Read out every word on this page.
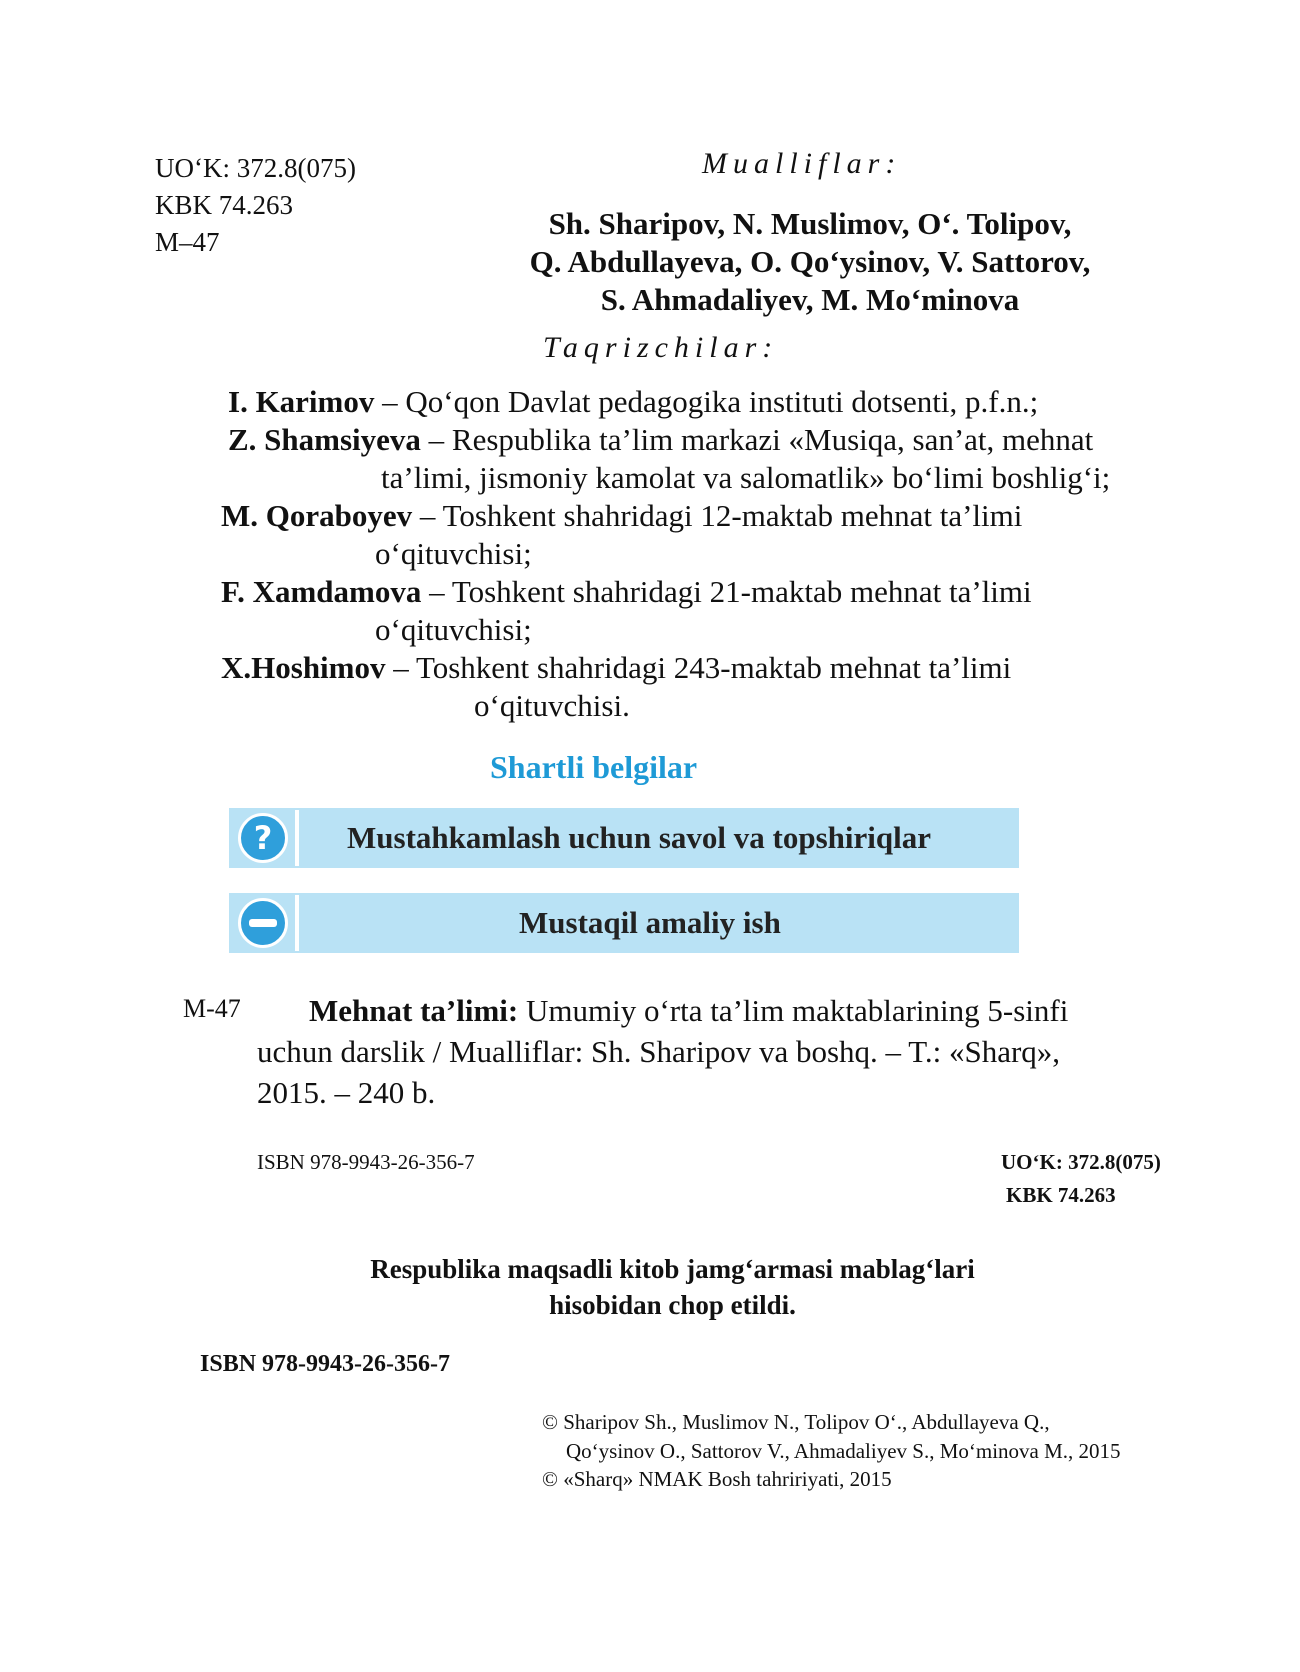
UO‘K: 372.8(075)
KBK 74.263
M–47
Mualliflar:
Sh. Sharipov, N. Muslimov, O‘. Tolipov,
Q. Abdullayeva, O. Qo‘ysinov, V. Sattorov,
S. Ahmadaliyev, M. Mo‘minova
Taqrizchilar:
I. Karimov – Qo‘qon Davlat pedagogika instituti dotsenti, p.f.n.;
Z. Shamsiyeva – Respublika ta’lim markazi «Musiqa, san’at, mehnat
ta’limi, jismoniy kamolat va salomatlik» bo‘limi boshlig‘i;
M. Qoraboyev – Toshkent shahridagi 12-maktab mehnat ta’limi
o‘qituvchisi;
F. Xamdamova – Toshkent shahridagi 21-maktab mehnat ta’limi
o‘qituvchisi;
X.Hoshimov – Toshkent shahridagi 243-maktab mehnat ta’limi
o‘qituvchisi.
Shartli belgilar
?	Mustahkamlash uchun savol va topshiriqlar
Mustaqil amaliy ish
M-47 Mehnat ta’limi: Umumiy o‘rta ta’lim maktablarining 5-sinfi
uchun darslik / Mualliflar: Sh. Sharipov va boshq. – T.: «Sharq»,
2015. – 240 b.
ISBN 978-9943-26-356-7	UO‘K: 372.8(075)
KBK 74.263
Respublika maqsadli kitob jamg‘armasi mablag‘lari
hisobidan chop etildi.
ISBN 978-9943-26-356-7
© Sharipov Sh., Muslimov N., Tolipov O‘., Abdullayeva Q.,
Qo‘ysinov O., Sattorov V., Ahmadaliyev S., Mo‘minova M., 2015
© «Sharq» NMAK Bosh tahririyati, 2015
